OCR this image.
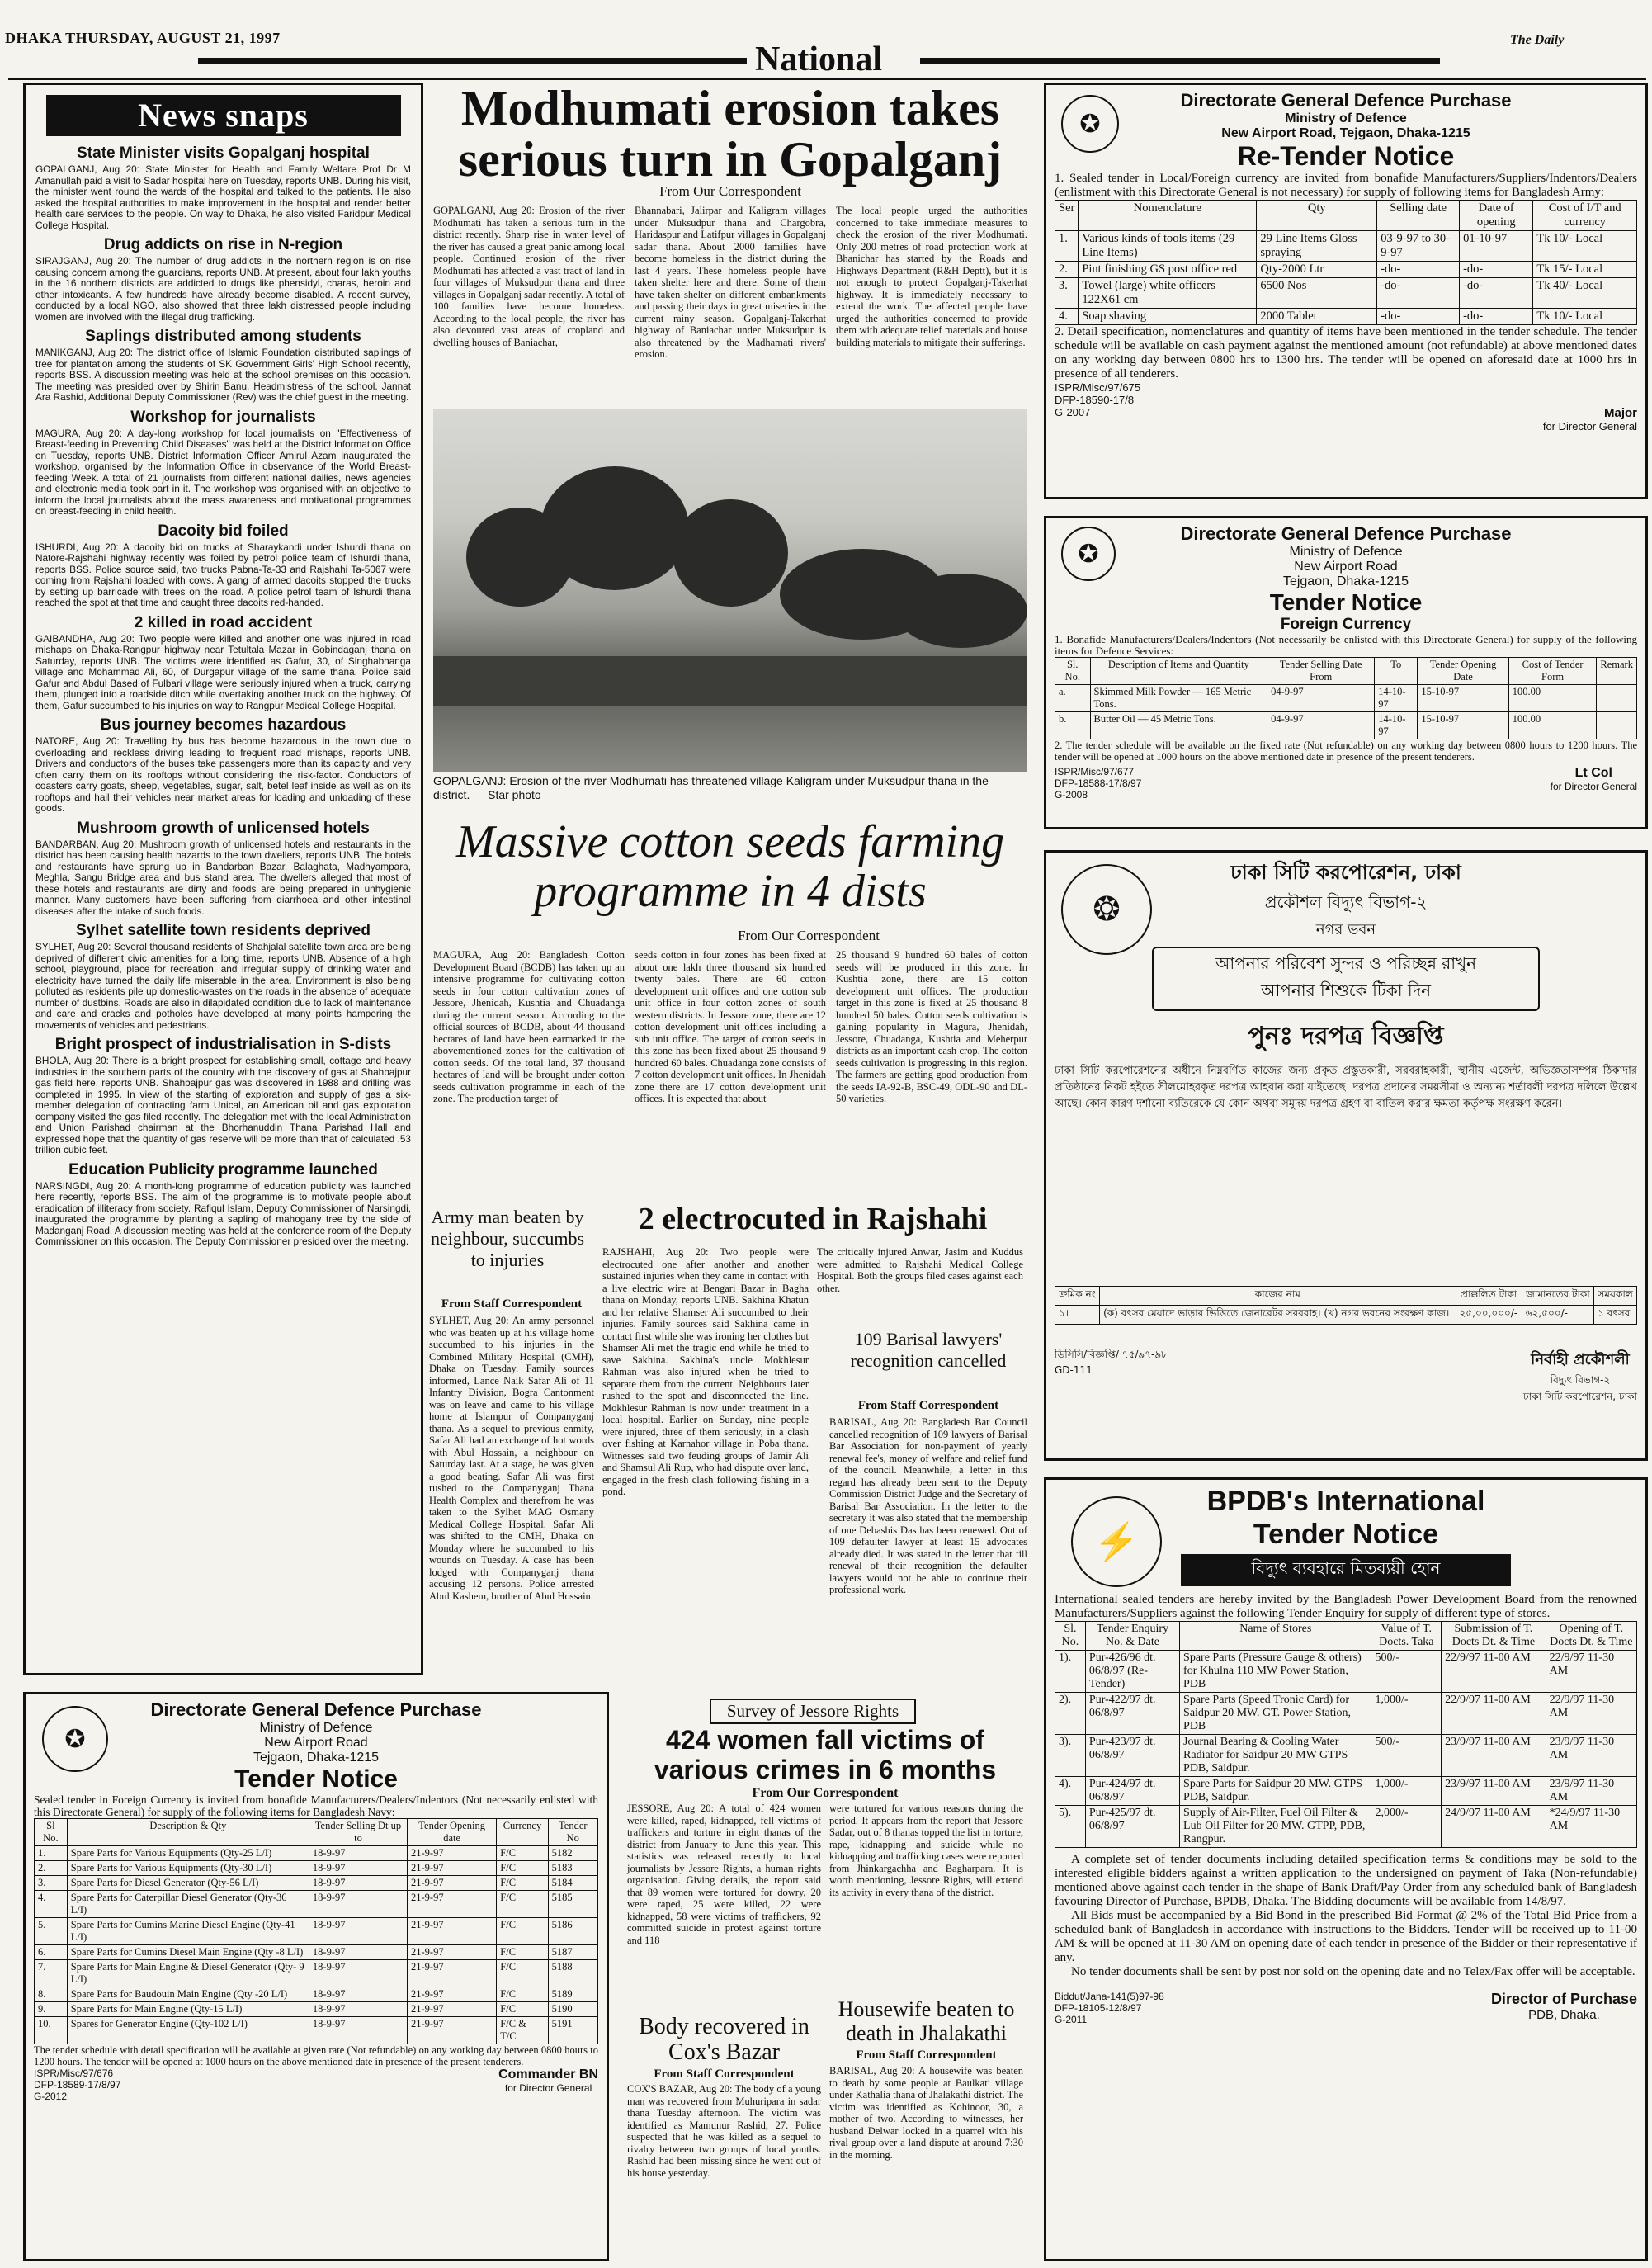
DHAKA THURSDAY, AUGUST 21, 1997
National
The Daily
News snaps
State Minister visits Gopalganj hospital
GOPALGANJ, Aug 20: State Minister for Health and Family Welfare Prof Dr M Amanullah paid a visit to Sadar hospital here on Tuesday, reports UNB. During his visit, the minister went round the wards of the hospital and talked to the patients. He also asked the hospital authorities to make improvement in the hospital and render better health care services to the people. On way to Dhaka, he also visited Faridpur Medical College Hospital.
Drug addicts on rise in N-region
SIRAJGANJ, Aug 20: The number of drug addicts in the northern region is on rise causing concern among the guardians, reports UNB. At present, about four lakh youths in the 16 northern districts are addicted to drugs like phensidyl, charas, heroin and other intoxicants. A few hundreds have already become disabled. A recent survey, conducted by a local NGO, also showed that three lakh distressed people including women are involved with the illegal drug trafficking.
Saplings distributed among students
MANIKGANJ, Aug 20: The district office of Islamic Foundation distributed saplings of tree for plantation among the students of SK Government Girls' High School recently, reports BSS. A discussion meeting was held at the school premises on this occasion. The meeting was presided over by Shirin Banu, Headmistress of the school. Jannat Ara Rashid, Additional Deputy Commissioner (Rev) was the chief guest in the meeting.
Workshop for journalists
MAGURA, Aug 20: A day-long workshop for local journalists on "Effectiveness of Breast-feeding in Preventing Child Diseases" was held at the District Information Office on Tuesday, reports UNB. District Information Officer Amirul Azam inaugurated the workshop, organised by the Information Office in observance of the World Breast-feeding Week. A total of 21 journalists from different national dailies, news agencies and electronic media took part in it. The workshop was organised with an objective to inform the local journalists about the mass awareness and motivational programmes on breast-feeding in child health.
Dacoity bid foiled
ISHURDI, Aug 20: A dacoity bid on trucks at Sharaykandi under Ishurdi thana on Natore-Rajshahi highway recently was foiled by petrol police team of Ishurdi thana, reports BSS. Police source said, two trucks Pabna-Ta-33 and Rajshahi Ta-5067 were coming from Rajshahi loaded with cows. A gang of armed dacoits stopped the trucks by setting up barricade with trees on the road. A police petrol team of Ishurdi thana reached the spot at that time and caught three dacoits red-handed.
2 killed in road accident
GAIBANDHA, Aug 20: Two people were killed and another one was injured in road mishaps on Dhaka-Rangpur highway near Tetultala Mazar in Gobindaganj thana on Saturday, reports UNB. The victims were identified as Gafur, 30, of Singhabhanga village and Mohammad Ali, 60, of Durgapur village of the same thana. Police said Gafur and Abdul Based of Fulbari village were seriously injured when a truck, carrying them, plunged into a roadside ditch while overtaking another truck on the highway. Of them, Gafur succumbed to his injuries on way to Rangpur Medical College Hospital.
Bus journey becomes hazardous
NATORE, Aug 20: Travelling by bus has become hazardous in the town due to overloading and reckless driving leading to frequent road mishaps, reports UNB. Drivers and conductors of the buses take passengers more than its capacity and very often carry them on its rooftops without considering the risk-factor. Conductors of coasters carry goats, sheep, vegetables, sugar, salt, betel leaf inside as well as on its rooftops and hail their vehicles near market areas for loading and unloading of these goods.
Mushroom growth of unlicensed hotels
BANDARBAN, Aug 20: Mushroom growth of unlicensed hotels and restaurants in the district has been causing health hazards to the town dwellers, reports UNB. The hotels and restaurants have sprung up in Bandarban Bazar, Balaghata, Madhyampara, Meghla, Sangu Bridge area and bus stand area. The dwellers alleged that most of these hotels and restaurants are dirty and foods are being prepared in unhygienic manner. Many customers have been suffering from diarrhoea and other intestinal diseases after the intake of such foods.
Sylhet satellite town residents deprived
SYLHET, Aug 20: Several thousand residents of Shahjalal satellite town area are being deprived of different civic amenities for a long time, reports UNB. Absence of a high school, playground, place for recreation, and irregular supply of drinking water and electricity have turned the daily life miserable in the area. Environment is also being polluted as residents pile up domestic-wastes on the roads in the absence of adequate number of dustbins. Roads are also in dilapidated condition due to lack of maintenance and care and cracks and potholes have developed at many points hampering the movements of vehicles and pedestrians.
Bright prospect of industrialisation in S-dists
BHOLA, Aug 20: There is a bright prospect for establishing small, cottage and heavy industries in the southern parts of the country with the discovery of gas at Shahbajpur gas field here, reports UNB. Shahbajpur gas was discovered in 1988 and drilling was completed in 1995. In view of the starting of exploration and supply of gas a six-member delegation of contracting farm Unical, an American oil and gas exploration company visited the gas filed recently. The delegation met with the local Administration and Union Parishad chairman at the Bhorhanuddin Thana Parishad Hall and expressed hope that the quantity of gas reserve will be more than that of calculated .53 trillion cubic feet.
Education Publicity programme launched
NARSINGDI, Aug 20: A month-long programme of education publicity was launched here recently, reports BSS. The aim of the programme is to motivate people about eradication of illiteracy from society. Rafiqul Islam, Deputy Commissioner of Narsingdi, inaugurated the programme by planting a sapling of mahogany tree by the side of Madanganj Road. A discussion meeting was held at the conference room of the Deputy Commissioner on this occasion. The Deputy Commissioner presided over the meeting.
Modhumati erosion takes serious turn in Gopalganj
From Our Correspondent
GOPALGANJ, Aug 20: Erosion of the river Modhumati has taken a serious turn in the district recently. Sharp rise in water level of the river has caused a great panic among local people. Continued erosion of the river Modhumati has affected a vast tract of land in four villages of Muksudpur thana and three villages in Gopalganj sadar recently. A total of 100 families have become homeless. According to the local people, the river has also devoured vast areas of cropland and dwelling houses of Baniachar,
Bhannabari, Jalirpar and Kaligram villages under Muksudpur thana and Chargobra, Haridaspur and Latifpur villages in Gopalganj sadar thana. About 2000 families have become homeless in the district during the last 4 years. These homeless people have taken shelter here and there. Some of them have taken shelter on different embankments and passing their days in great miseries in the current rainy season. Gopalganj-Takerhat highway of Baniachar under Muksudpur is also threatened by the Madhamati rivers' erosion.
The local people urged the authorities concerned to take immediate measures to check the erosion of the river Modhumati. Only 200 metres of road protection work at Bhanichar has started by the Roads and Highways Department (R&H Deptt), but it is not enough to protect Gopalganj-Takerhat highway. It is immediately necessary to extend the work. The affected people have urged the authorities concerned to provide them with adequate relief materials and house building materials to mitigate their sufferings.
GOPALGANJ: Erosion of the river Modhumati has threatened village Kaligram under Muksudpur thana in the district. — Star photo
Massive cotton seeds farming programme in 4 dists
From Our Correspondent
MAGURA, Aug 20: Bangladesh Cotton Development Board (BCDB) has taken up an intensive programme for cultivating cotton seeds in four cotton cultivation zones of Jessore, Jhenidah, Kushtia and Chuadanga during the current season. According to the official sources of BCDB, about 44 thousand hectares of land have been earmarked in the abovementioned zones for the cultivation of cotton seeds. Of the total land, 37 thousand hectares of land will be brought under cotton seeds cultivation programme in each of the zone. The production target of
seeds cotton in four zones has been fixed at about one lakh three thousand six hundred twenty bales. There are 60 cotton development unit offices and one cotton sub unit office in four cotton zones of south western districts. In Jessore zone, there are 12 cotton development unit offices including a sub unit office. The target of cotton seeds in this zone has been fixed about 25 thousand 9 hundred 60 bales. Chuadanga zone consists of 7 cotton development unit offices. In Jhenidah zone there are 17 cotton development unit offices. It is expected that about
25 thousand 9 hundred 60 bales of cotton seeds will be produced in this zone. In Kushtia zone, there are 15 cotton development unit offices. The production target in this zone is fixed at 25 thousand 8 hundred 50 bales. Cotton seeds cultivation is gaining popularity in Magura, Jhenidah, Jessore, Chuadanga, Kushtia and Meherpur districts as an important cash crop. The cotton seeds cultivation is progressing in this region. The farmers are getting good production from the seeds IA-92-B, BSC-49, ODL-90 and DL-50 varieties.
Army man beaten by neighbour, succumbs to injuries
From Staff Correspondent
SYLHET, Aug 20: An army personnel who was beaten up at his village home succumbed to his injuries in the Combined Military Hospital (CMH), Dhaka on Tuesday. Family sources informed, Lance Naik Safar Ali of 11 Infantry Division, Bogra Cantonment was on leave and came to his village home at Islampur of Companyganj thana. As a sequel to previous enmity, Safar Ali had an exchange of hot words with Abul Hossain, a neighbour on Saturday last. At a stage, he was given a good beating. Safar Ali was first rushed to the Companyganj Thana Health Complex and therefrom he was taken to the Sylhet MAG Osmany Medical College Hospital. Safar Ali was shifted to the CMH, Dhaka on Monday where he succumbed to his wounds on Tuesday. A case has been lodged with Companyganj thana accusing 12 persons. Police arrested Abul Kashem, brother of Abul Hossain.
2 electrocuted in Rajshahi
RAJSHAHI, Aug 20: Two people were electrocuted one after another and another sustained injuries when they came in contact with a live electric wire at Bengari Bazar in Bagha thana on Monday, reports UNB. Sakhina Khatun and her relative Shamser Ali succumbed to their injuries. Family sources said Sakhina came in contact first while she was ironing her clothes but Shamser Ali met the tragic end while he tried to save Sakhina. Sakhina's uncle Mokhlesur Rahman was also injured when he tried to separate them from the current. Neighbours later rushed to the spot and disconnected the line. Mokhlesur Rahman is now under treatment in a local hospital. Earlier on Sunday, nine people were injured, three of them seriously, in a clash over fishing at Karnahor village in Poba thana. Witnesses said two feuding groups of Jamir Ali and Shamsul Ali Rup, who had dispute over land, engaged in the fresh clash following fishing in a pond.
The critically injured Anwar, Jasim and Kuddus were admitted to Rajshahi Medical College Hospital. Both the groups filed cases against each other.
109 Barisal lawyers' recognition cancelled
From Staff Correspondent
BARISAL, Aug 20: Bangladesh Bar Council cancelled recognition of 109 lawyers of Barisal Bar Association for non-payment of yearly renewal fee's, money of welfare and relief fund of the council. Meanwhile, a letter in this regard has already been sent to the Deputy Commission District Judge and the Secretary of Barisal Bar Association. In the letter to the secretary it was also stated that the membership of one Debashis Das has been renewed. Out of 109 defaulter lawyer at least 15 advocates already died. It was stated in the letter that till renewal of their recognition the defaulter lawyers would not be able to continue their professional work.
Survey of Jessore Rights
424 women fall victims of various crimes in 6 months
From Our Correspondent
JESSORE, Aug 20: A total of 424 women were killed, raped, kidnapped, fell victims of traffickers and torture in eight thanas of the district from January to June this year. This statistics was released recently to local journalists by Jessore Rights, a human rights organisation. Giving details, the report said that 89 women were tortured for dowry, 20 were raped, 25 were killed, 22 were kidnapped, 58 were victims of traffickers, 92 committed suicide in protest against torture and 118
were tortured for various reasons during the period. It appears from the report that Jessore Sadar, out of 8 thanas topped the list in torture, rape, kidnapping and suicide while no kidnapping and trafficking cases were reported from Jhinkargachha and Bagharpara. It is worth mentioning, Jessore Rights, will extend its activity in every thana of the district.
Body recovered in Cox's Bazar
From Staff Correspondent
COX'S BAZAR, Aug 20: The body of a young man was recovered from Muhuripara in sadar thana Tuesday afternoon. The victim was identified as Mamunur Rashid, 27. Police suspected that he was killed as a sequel to rivalry between two groups of local youths. Rashid had been missing since he went out of his house yesterday.
Housewife beaten to death in Jhalakathi
From Staff Correspondent
BARISAL, Aug 20: A housewife was beaten to death by some people at Baulkati village under Kathalia thana of Jhalakathi district. The victim was identified as Kohinoor, 30, a mother of two. According to witnesses, her husband Delwar locked in a quarrel with his rival group over a land dispute at around 7:30 in the morning.
✪
Directorate General Defence Purchase
Ministry of Defence
New Airport Road, Tejgaon, Dhaka-1215
Re-Tender Notice
1. Sealed tender in Local/Foreign currency are invited from bonafide Manufacturers/Suppliers/Indentors/Dealers (enlistment with this Directorate General is not necessary) for supply of following items for Bangladesh Army:
Ser	Nomenclature	Qty	Selling date	Date of opening	Cost of I/T and currency
1.	Various kinds of tools items (29 Line Items)	29 Line Items Gloss spraying	03-9-97 to 30-9-97	01-10-97	Tk 10/- Local
2.	Pint finishing GS post office red	Qty-2000 Ltr	-do-	-do-	Tk 15/- Local
3.	Towel (large) white officers 122X61 cm	6500 Nos	-do-	-do-	Tk 40/- Local
4.	Soap shaving	2000 Tablet	-do-	-do-	Tk 10/- Local
2. Detail specification, nomenclatures and quantity of items have been mentioned in the tender schedule. The tender schedule will be available on cash payment against the mentioned amount (not refundable) at above mentioned dates on any working day between 0800 hrs to 1300 hrs. The tender will be opened on aforesaid date at 1000 hrs in presence of all tenderers.
ISPR/Misc/97/675
DFP-18590-17/8
G-2007	Major
for Director General
✪
Directorate General Defence Purchase
Ministry of Defence
New Airport Road
Tejgaon, Dhaka-1215
Tender Notice
Foreign Currency
1. Bonafide Manufacturers/Dealers/Indentors (Not necessarily be enlisted with this Directorate General) for supply of the following items for Defence Services:
Sl. No.	Description of Items and Quantity	Tender Selling Date From	To	Tender Opening Date	Cost of Tender Form	Remark
a.	Skimmed Milk Powder — 165 Metric Tons.	04-9-97	14-10-97	15-10-97	100.00	
b.	Butter Oil — 45 Metric Tons.	04-9-97	14-10-97	15-10-97	100.00	
2. The tender schedule will be available on the fixed rate (Not refundable) on any working day between 0800 hours to 1200 hours. The tender will be opened at 1000 hours on the above mentioned date in presence of the present tenderers.
ISPR/Misc/97/677
DFP-18588-17/8/97
G-2008
Lt Col
for Director General
❂
ঢাকা সিটি করপোরেশন, ঢাকা
প্রকৌশল বিদ্যুৎ বিভাগ-২
নগর ভবন
আপনার পরিবেশ সুন্দর ও পরিচ্ছন্ন রাখুন
আপনার শিশুকে টিকা দিন
পুনঃ দরপত্র বিজ্ঞপ্তি
ঢাকা সিটি করপোরেশনের অধীনে নিম্নবর্ণিত কাজের জন্য প্রকৃত প্রস্তুতকারী, সরবরাহকারী, স্থানীয় এজেন্ট, অভিজ্ঞতাসম্পন্ন ঠিকাদার প্রতিষ্ঠানের নিকট হইতে সীলমোহরকৃত দরপত্র আহবান করা যাইতেছে। দরপত্র প্রদানের সময়সীমা ও অন্যান্য শর্তাবলী দরপত্র দলিলে উল্লেখ আছে। কোন কারণ দর্শানো ব্যতিরেকে যে কোন অথবা সমুদয় দরপত্র গ্রহণ বা বাতিল করার ক্ষমতা কর্তৃপক্ষ সংরক্ষণ করেন।
ক্রমিক নং	কাজের নাম	প্রাক্কলিত টাকা	জামানতের টাকা	সময়কাল
১।	(ক) বৎসর মেয়াদে ভাড়ার ভিত্তিতে জেনারেটর সরবরাহ। (খ) নগর ভবনের সংরক্ষণ কাজ।	২৫,০০,০০০/-	৬২,৫০০/-	১ বৎসর
ডিসিসি/বিজ্ঞপ্তি/ ৭৫/৯৭-৯৮
GD-111
নির্বাহী প্রকৌশলী
বিদ্যুৎ বিভাগ-২
ঢাকা সিটি করপোরেশন, ঢাকা
⚡
BPDB's International
Tender Notice
বিদ্যুৎ ব্যবহারে মিতব্যয়ী হোন
International sealed tenders are hereby invited by the Bangladesh Power Development Board from the renowned Manufacturers/Suppliers against the following Tender Enquiry for supply of different type of stores.
Sl. No.	Tender Enquiry No. & Date	Name of Stores	Value of T. Docts. Taka	Submission of T. Docts Dt. & Time	Opening of T. Docts Dt. & Time
1).	Pur-426/96 dt. 06/8/97 (Re-Tender)	Spare Parts (Pressure Gauge & others) for Khulna 110 MW Power Station, PDB	500/-	22/9/97 11-00 AM	22/9/97 11-30 AM
2).	Pur-422/97 dt. 06/8/97	Spare Parts (Speed Tronic Card) for Saidpur 20 MW. GT. Power Station, PDB	1,000/-	22/9/97 11-00 AM	22/9/97 11-30 AM
3).	Pur-423/97 dt. 06/8/97	Journal Bearing & Cooling Water Radiator for Saidpur 20 MW GTPS PDB, Saidpur.	500/-	23/9/97 11-00 AM	23/9/97 11-30 AM
4).	Pur-424/97 dt. 06/8/97	Spare Parts for Saidpur 20 MW. GTPS PDB, Saidpur.	1,000/-	23/9/97 11-00 AM	23/9/97 11-30 AM
5).	Pur-425/97 dt. 06/8/97	Supply of Air-Filter, Fuel Oil Filter & Lub Oil Filter for 20 MW. GTPP, PDB, Rangpur.	2,000/-	24/9/97 11-00 AM	*24/9/97 11-30 AM
A complete set of tender documents including detailed specification terms & conditions may be sold to the interested eligible bidders against a written application to the undersigned on payment of Taka (Non-refundable) mentioned above against each tender in the shape of Bank Draft/Pay Order from any scheduled bank of Bangladesh favouring Director of Purchase, BPDB, Dhaka. The Bidding documents will be available from 14/8/97.
All Bids must be accompanied by a Bid Bond in the prescribed Bid Format @ 2% of the Total Bid Price from a scheduled bank of Bangladesh in accordance with instructions to the Bidders. Tender will be received up to 11-00 AM & will be opened at 11-30 AM on opening date of each tender in presence of the Bidder or their representative if any.
No tender documents shall be sent by post nor sold on the opening date and no Telex/Fax offer will be acceptable.
Biddut/Jana-141(5)97-98
DFP-18105-12/8/97
G-2011
Director of Purchase
PDB, Dhaka.
✪
Directorate General Defence Purchase
Ministry of Defence
New Airport Road
Tejgaon, Dhaka-1215
Tender Notice
Sealed tender in Foreign Currency is invited from bonafide Manufacturers/Dealers/Indentors (Not necessarily enlisted with this Directorate General) for supply of the following items for Bangladesh Navy:
Sl No.	Description & Qty	Tender Selling Dt up to	Tender Opening date	Currency	Tender No
1.	Spare Parts for Various Equipments (Qty-25 L/I)	18-9-97	21-9-97	F/C	5182
2.	Spare Parts for Various Equipments (Qty-30 L/I)	18-9-97	21-9-97	F/C	5183
3.	Spare Parts for Diesel Generator (Qty-56 L/I)	18-9-97	21-9-97	F/C	5184
4.	Spare Parts for Caterpillar Diesel Generator (Qty-36 L/I)	18-9-97	21-9-97	F/C	5185
5.	Spare Parts for Cumins Marine Diesel Engine (Qty-41 L/I)	18-9-97	21-9-97	F/C	5186
6.	Spare Parts for Cumins Diesel Main Engine (Qty -8 L/I)	18-9-97	21-9-97	F/C	5187
7.	Spare Parts for Main Engine & Diesel Generator (Qty- 9 L/I)	18-9-97	21-9-97	F/C	5188
8.	Spare Parts for Baudouin Main Engine (Qty -20 L/I)	18-9-97	21-9-97	F/C	5189
9.	Spare Parts for Main Engine (Qty-15 L/I)	18-9-97	21-9-97	F/C	5190
10.	Spares for Generator Engine (Qty-102 L/I)	18-9-97	21-9-97	F/C & T/C	5191
The tender schedule with detail specification will be available at given rate (Not refundable) on any working day between 0800 hours to 1200 hours. The tender will be opened at 1000 hours on the above mentioned date in presence of the present tenderers.
ISPR/Misc/97/676
DFP-18589-17/8/97
G-2012
Commander BN
for Director General
